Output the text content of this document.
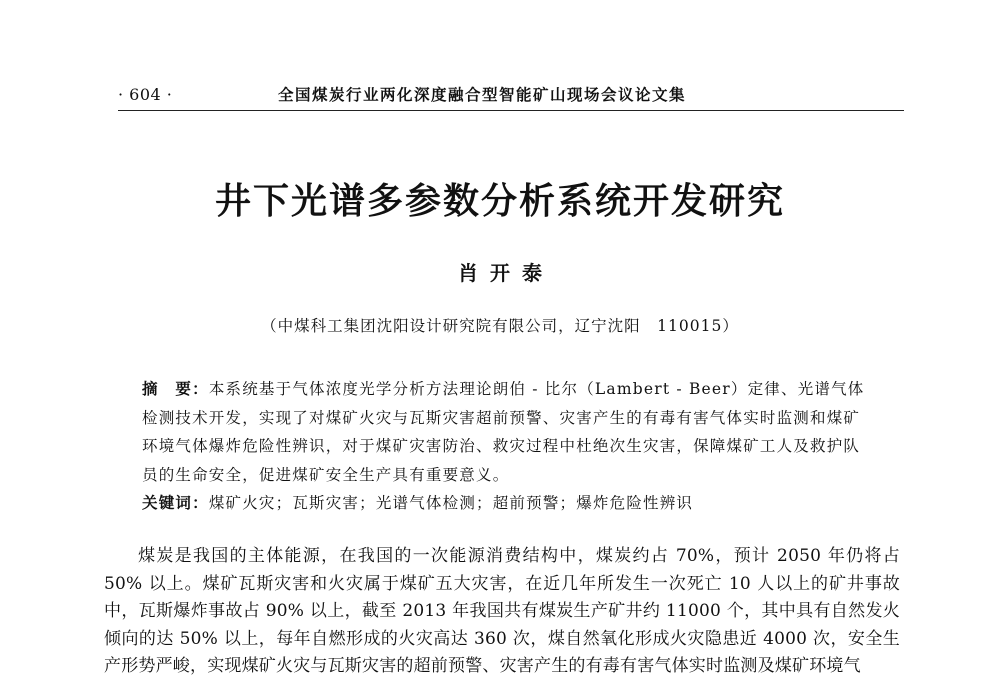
· 604 ·	全国煤炭行业两化深度融合型智能矿山现场会议论文集
井下光谱多参数分析系统开发研究
肖开泰
（中煤科工集团沈阳设计研究院有限公司，辽宁沈阳　110015）

摘　要：本系统基于气体浓度光学分析方法理论朗伯 - 比尔（Lambert - Beer）定律、光谱气体检测技术开发，实现了对煤矿火灾与瓦斯灾害超前预警、灾害产生的有毒有害气体实时监测和煤矿环境气体爆炸危险性辨识，对于煤矿灾害防治、救灾过程中杜绝次生灾害，保障煤矿工人及救护队员的生命安全，促进煤矿安全生产具有重要意义。

关键词：煤矿火灾；瓦斯灾害；光谱气体检测；超前预警；爆炸危险性辨识

煤炭是我国的主体能源，在我国的一次能源消费结构中，煤炭约占 70%，预计 2050 年仍将占 50% 以上。煤矿瓦斯灾害和火灾属于煤矿五大灾害，在近几年所发生一次死亡 10 人以上的矿井事故中，瓦斯爆炸事故占 90% 以上，截至 2013 年我国共有煤炭生产矿井约 11000 个，其中具有自然发火倾向的达 50% 以上，每年自燃形成的火灾高达 360 次，煤自然氧化形成火灾隐患近 4000 次，安全生产形势严峻，实现煤矿火灾与瓦斯灾害的超前预警、灾害产生的有毒有害气体实时监测及煤矿环境气
